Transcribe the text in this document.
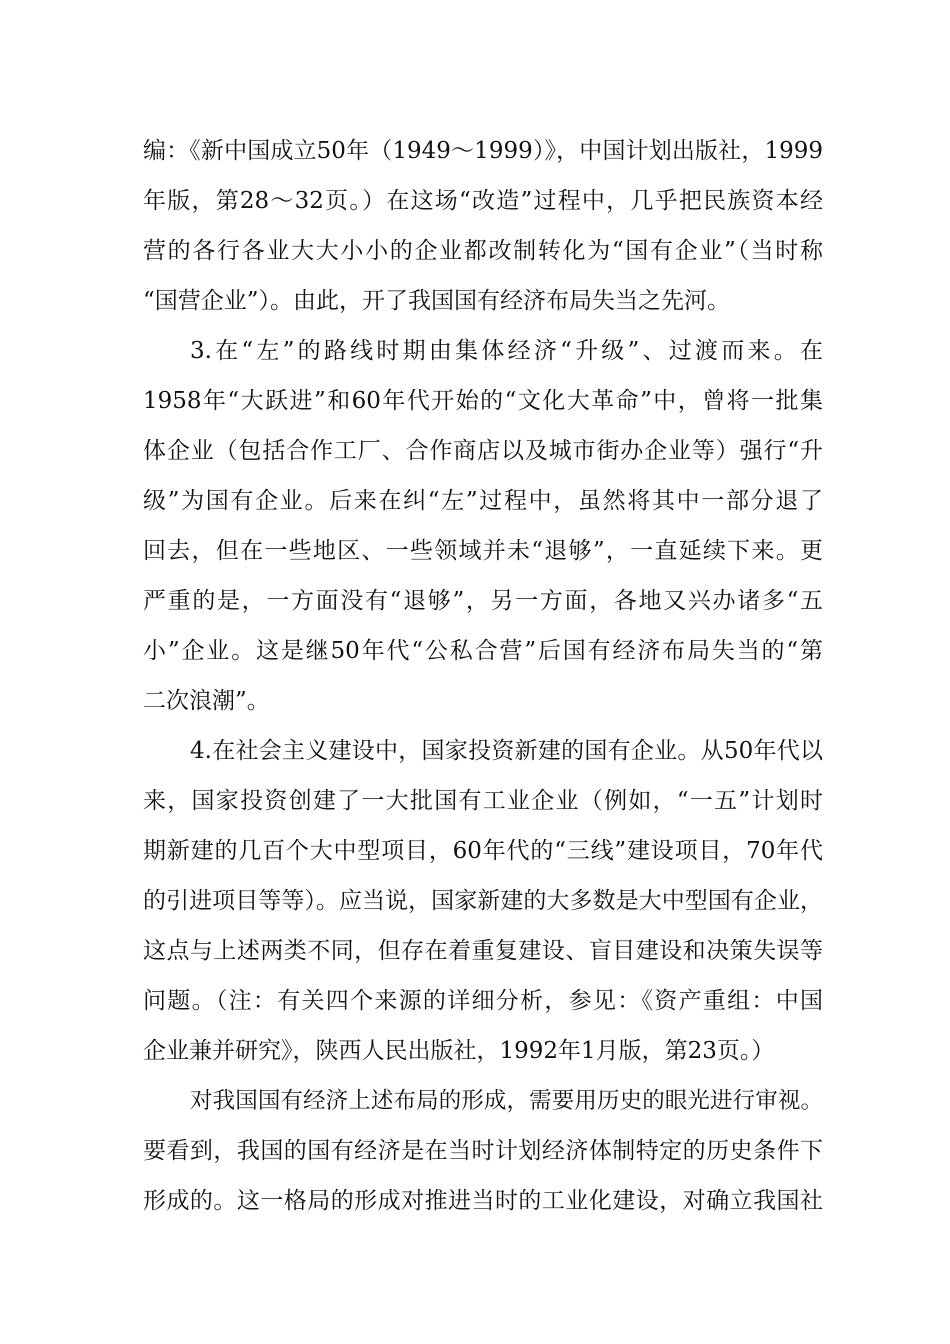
编：《新中国成立50年（1949～1999）》，中国计划出版社，1999
年版，第28～32页。）在这场“改造”过程中，几乎把民族资本经
营的各行各业大大小小的企业都改制转化为“国有企业”（当时称
“国营企业”）。由此，开了我国国有经济布局失当之先河。
3.在“左”的路线时期由集体经济“升级”、过渡而来。在
1958年“大跃进”和60年代开始的“文化大革命”中，曾将一批集
体企业（包括合作工厂、合作商店以及城市街办企业等）强行“升
级”为国有企业。后来在纠“左”过程中，虽然将其中一部分退了
回去，但在一些地区、一些领域并未“退够”，一直延续下来。更
严重的是，一方面没有“退够”，另一方面，各地又兴办诸多“五
小”企业。这是继50年代“公私合营”后国有经济布局失当的“第
二次浪潮”。
4.在社会主义建设中，国家投资新建的国有企业。从50年代以
来，国家投资创建了一大批国有工业企业（例如，“一五”计划时
期新建的几百个大中型项目，60年代的“三线”建设项目，70年代
的引进项目等等）。应当说，国家新建的大多数是大中型国有企业，
这点与上述两类不同，但存在着重复建设、盲目建设和决策失误等
问题。（注：有关四个来源的详细分析，参见：《资产重组：中国
企业兼并研究》，陕西人民出版社，1992年1月版，第23页。）
对我国国有经济上述布局的形成，需要用历史的眼光进行审视。
要看到，我国的国有经济是在当时计划经济体制特定的历史条件下
形成的。这一格局的形成对推进当时的工业化建设，对确立我国社
